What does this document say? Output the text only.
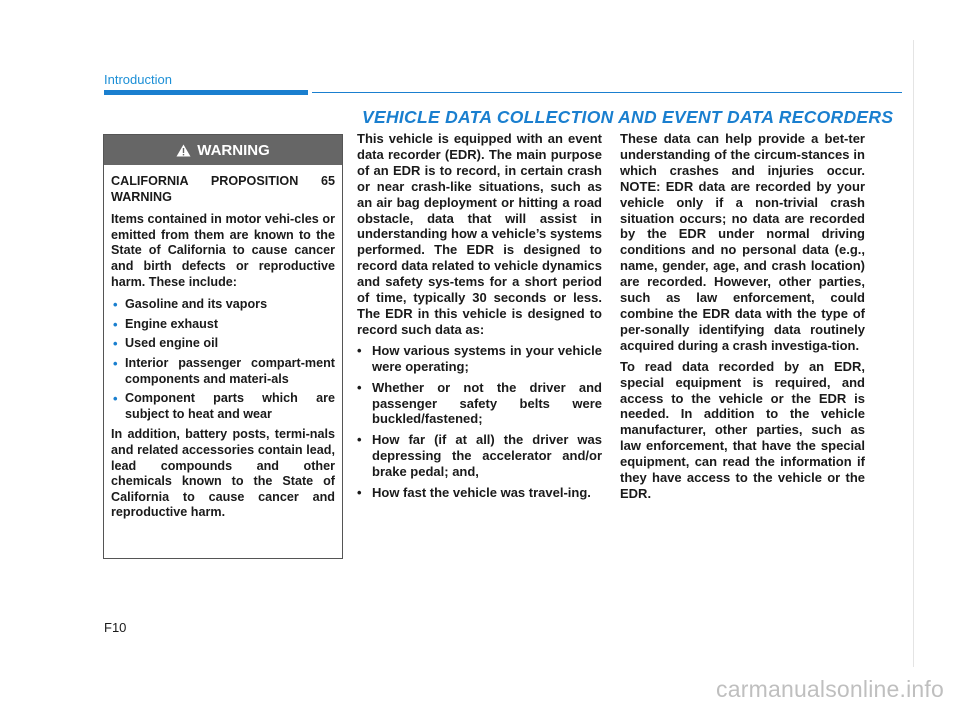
Introduction
VEHICLE DATA COLLECTION AND EVENT DATA RECORDERS
WARNING

CALIFORNIA PROPOSITION 65 WARNING

Items contained in motor vehi-cles or emitted from them are known to the State of California to cause cancer and birth defects or reproductive harm. These include:

• Gasoline and its vapors
• Engine exhaust
• Used engine oil
• Interior passenger compart-ment components and materi-als
• Component parts which are subject to heat and wear

In addition, battery posts, termi-nals and related accessories contain lead, lead compounds and other chemicals known to the State of California to cause cancer and reproductive harm.

This vehicle is equipped with an event data recorder (EDR). The main purpose of an EDR is to record, in certain crash or near crash-like situations, such as an air bag deployment or hitting a road obstacle, data that will assist in understanding how a vehicle’s systems performed. The EDR is designed to record data related to vehicle dynamics and safety sys-tems for a short period of time, typically 30 seconds or less. The EDR in this vehicle is designed to record such data as:

• How various systems in your vehicle were operating;
• Whether or not the driver and passenger safety belts were buckled/fastened;
• How far (if at all) the driver was depressing the accelerator and/or brake pedal; and,
• How fast the vehicle was travel-ing.

These data can help provide a bet-ter understanding of the circum-stances in which crashes and injuries occur. NOTE: EDR data are recorded by your vehicle only if a non-trivial crash situation occurs; no data are recorded by the EDR under normal driving conditions and no personal data (e.g., name, gender, age, and crash location) are recorded. However, other parties, such as law enforcement, could combine the EDR data with the type of per-sonally identifying data routinely acquired during a crash investiga-tion.

To read data recorded by an EDR, special equipment is required, and access to the vehicle or the EDR is needed. In addition to the vehicle manufacturer, other parties, such as law enforcement, that have the special equipment, can read the information if they have access to the vehicle or the EDR.

F10
carmanualsonline.info
